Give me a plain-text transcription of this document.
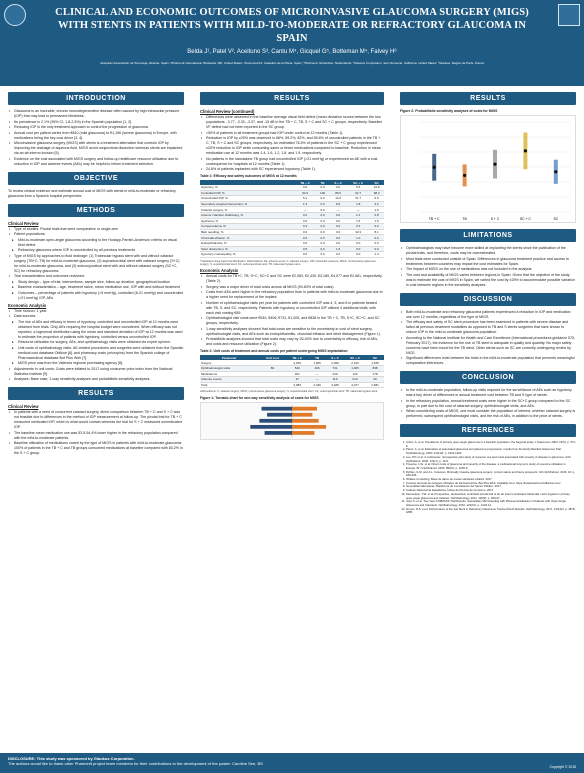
CLINICAL AND ECONOMIC OUTCOMES OF MICROINVASIVE GLAUCOMA SURGERY (MIGS) WITH STENTS IN PATIENTS WITH MILD-TO-MODERATE OR REFRACTORY GLAUCOMA IN SPAIN
Belda J¹, Patel V², Aceituno S³, Cantu M⁴, Gicquel G⁵, Botteman M⁴, Falvey H⁶
¹Hospital Universitario de Torrevieja, Alicante, Spain; ²Pharmerit International, Bethesda, MD, United States; ³Outcomes'10, Castellón de la Plana, Spain; ⁴Pharmerit, Rotterdam, Netherlands; ⁵Glaukos Corporation, San Clemente, California, United States; ⁶Glaukos, Région de Paris, France
INTRODUCTION
• Glaucoma is an incurable, chronic neurodegenerative disease often caused by high intraocular pressure (IOP) that may lead to permanent blindness.
• Its prevalence is 2.1% (95% CI, 1.8-2.5%) in the Spanish population [1, 2].
• Reducing IOP is the only treatment approach to control the progression of glaucoma.
• Annual cost per patient varies from €810 (mild glaucoma) to €1,196 (severe glaucoma) in Europe, with medications being the key cost driver [3, 4].
• Microinvasive glaucoma surgery (MIGS) with stents is a treatment alternative that controls IOP by improving the drainage of aqueous fluid. MIGS avoid conjunctival dissection whereas stents are implanted via an ab interno incision [5].
• Evidence on the cost associated with MIGS surgery and follow-up healthcare resource utilization due to reduction in IOP and adverse events (AEs) may be helpful to inform treatment selection.
OBJECTIVE
To review clinical evidence and estimate annual cost of MIGS with stents in mild-to-moderate or refractory glaucoma from a Spanish hospital perspective.
METHODS
Clinical Review
• Type of studies: Pivotal trials that were comparative or single-arm
• Patient populations:
▸ Mild-to-moderate open-angle glaucoma according to the Hodapp-Parrish-Anderson criteria on visual field defect
▸ Refractory glaucoma where IOP is uncontrolled by all previous treatments
• Type of MIGS by approaches to fluid drainage: (1) Trabecular bypass stent with and without cataract surgery (TB+C, TB) for mild-to-moderate glaucoma, (2) suprachoroidal stent with cataract surgery (S+C) for mild-to-moderate glaucoma, and (3) subconjunctival stent with and without cataract surgery (SC+C, SC) for refractory glaucoma.
• Trial characteristics and outcomes reviewed:
▸ Study design – type of trial, interventions, sample size, follow-up duration, geographical location
▸ Baseline characteristics – age, treatment naïve, mean medication use, IOP with and without treatment
▸ Outcomes – percentage of patients with hypotony (<5 mmHg), controlled (6-21 mmHg) and uncontrolled (>21 mmHg) IOP, AEs
Economic Analysis
• Time horizon: 1 year
• Data sources:
▸ The risk of AEs and efficacy in terms of hypotony, controlled and uncontrolled IOP at 12 months were obtained from trials. Only AEs requiring the hospital budget were considered. When efficacy was not reported, a lognormal distribution using the mean and standard deviation of IOP at 12 months was used to estimate the proportion of patients with hypotony, controlled versus uncontrolled IOP.
▸ Resource utilization for surgery, AEs, and ophthalmology visits were obtained via expert opinion.
▸ Unit costs of ophthalmology visits, AE-related procedures and surgeries were obtained from the Spanish medical cost database Oblikue [6], and pharmacy costs (micropins) from the Spanish college of Pharmaceutical database Bot Plus Web [7].
▸ MIGS price was from the Valencia regional purchasing agency [8].
• Adjustments in unit costs: Costs were inflated to 2017 using consumer price index from the National Statistics Institute [9].
• Analyses: Base case, 1-way sensitivity analyses and probabilistic sensitivity analyses.
RESULTS
Clinical Review
• In patients with a need of concurrent cataract surgery, direct comparison between TB + C and S + C was not feasible due to differences in the method of IOP measurement at follow-up. The pivotal trial for TB + C measured medicated IOP, which is what would contain whereas the trial for S + C measured unmedicated IOP.
• The baseline mean medication use was 53.5-94.4% lower higher in the refractory population compared with the mild-to-moderate patients.
• Baseline utilization of medications varied by the type of MIGS in patients with mild-to-moderate glaucoma: 100% of patients in the TB + C and TB groups consumed medications at baseline compared with 83.2% in the S + C group.
RESULTS
Clinical Review (continued)
• Differences were observed in the baseline average visual field defect (mean deviation scores between the two populations: -3.77, -3.30, -3.37, and -15 dB in the TB + C, TB, S + C and SC + C groups, respectively. Baseline VF defect had not been reported in the SC group.
• >50% of patients in all treatment groups had IOP under control at 12 months (Table 1).
• Reduction in IOP by ≥20% was observed in 66%, 59.2%, 82%, and 55.6% of uncontrolled patients in the TB + C, TB, S + C and SC groups, respectively. An estimated 76.5% of patients in the SC + C group experienced ≥20% reduction in IOP while consuming same or fewer medications compared to baseline. Reduction in mean medication use at 12 months was 1.4, 1.6, 1.2, 1.8, and 1.9, respectively.
• No patients in the standalone TB group had uncontrolled IOP (>21 mmHg) or experienced an AE with a cost consequence for hospitals at 12 months (Table 1).
• 24.8% of patients implanted with SC experienced hypotony (Table 1).
Table 1: Efficacy and safety outcomes of MIGS at 12 months
		TB + C	TB	S + C	SC + C	SC
Hypotony, %		0.0	0.0	0.0	5.6	24.8
Controlled IOP, %		94.9	100	86.0	62.7	68.3
Uncontrolled IOP, %		5.1	0.0	14.0	31.7	6.9
Secondary surgical intervention, %		1.3	0.0	8.0	1.8	3.2
Cataract surgery, %		—	0.0	—	—	1.5
Anterior chamber shallowing, %		0.0	0.0	0.0	2.1	0.8
Hyphema, %		0.0	0.0	0.0	1.5	1.9
Corneal edema, %		0.3	0.0	0.0	0.3	0.0
Bleb needling, %		0.0	0.0	0.0	32.3	8.1
Choroidal effusion, %		0.0	0.0	0.0	1.0	0.6
Endophthalmitis, %		0.0	0.0	0.0	0.0	0.0
Stent obstruction, %		0.5	0.0	1.6	0.0	0.0
Hypotony maculopathy, %		0.0	0.0	0.0	0.0	1.4
*Calculated using lognormal distribution. Abbreviations: AE, adverse event; C, cataract surgery; IOP, intraocular pressure; MIGS, microinvasive glaucoma surgery; S, suprachoroidal stent; SC, subconjunctival stent; TB, trabecular bypass stent.
Economic Analysis
• Annual costs for TB+C, TB, S+C, SC+C and SC were €2,983, €2,439, €3,189, €4,077 and €2,681, respectively (Table 2).
• Surgery was a major driver of total costs across all MIGS (59-83% of total costs).
• Costs from AEs were higher in the refractory population than in patients with mild-to-moderate glaucoma due to a higher need for replacement of the implant.
• Number of ophthalmologist visits per year for patients with controlled IOP was 4, 5, and 6 in patients treated with TB, S, and SC, respectively. Patients with hypotony or uncontrolled IOP utilized 4 additional visits, with each visit costing €89.
• Ophthalmologist visit costs were €540, €406, €731, €1,005, and €838 in the TB + C, TB, S+C, SC+C, and SC groups, respectively.
• 1-way sensitivity analyses showed that total costs are sensitive to the uncertainty in cost of stent surgery, ophthalmologist visits, and AEs such as endophthalmitis, choroidal effusion and stent dislodgement (Figure 1).
• Probabilistic analyses showed that total costs may vary by 25-40% due to uncertainty in efficacy, risk of AEs, and costs and resource utilization (Figure 2).
Table 2: Unit costs of treatment and annual costs per patient undergoing MIGS implantation
Parameter	Unit cost	TB + C	TB	S + C	SC + C	SC
Surgery		2,045	1,665	2,099	2,340	1,645
Ophthalmologist visits	89	540	406	731	1,005	838
Medications		361	—	240	119	178
Adverse events		37	—	119	613	20
Total		2,983	2,439	3,189	4,077	2,681
Abbreviations: C, cataract surgery; MIGS, microinvasive glaucoma surgery; S, suprachoroidal stent; SC, subconjunctival stent; TB, trabecular bypass stent.
Figure 1: Tornado chart for one-way sensitivity analysis of costs for MIGS
RESULTS
Figure 2: Probabilistic sensitivity analyses of costs for MIGS
TB + C	TB	S + C	SC + C	SC
LIMITATIONS
• Ophthalmologists may have become more skilled at implanting the stents since the publication of the pivotal trials, and therefore, costs may be overestimated.
• Most trials were conducted outside of Spain. Differences in glaucoma treatment practice and access to treatments between countries may impact the cost estimates for Spain.
• The impact of MIGS on the use of medications was not included in the analysis.
• The cost and availability of MIGS varies between regions in Spain. Given that the objective of the study was to estimate the cost of MIGS in Spain, we varied the cost by ±25% to accommodate possible variation in cost between regions in the sensitivity analyses.
DISCUSSION
• Both mild-to-moderate and refractory glaucoma patients experienced a reduction in IOP and medication use over 12 months, regardless of the type of MIGS.
• The efficacy and safety of SC stent procedure has been examined in patients with severe disease and failed all previous treatment modalities as opposed to TB and S stents surgeries that have shown to reduce IOP in the mild-to-moderate glaucoma population.
• According to the National Institute for Health and Care Excellence (International procedures guidance 575, February 2017), the evidence for the use of TB stent is adequate in quality and quantity. No major safety concerns have been found for the TB stent. Other stents such as SC are currently undergoing review by NICE.
• Significant differences exist between the trials in the mild-to-moderate population that prevents meaningful comparative inferences.
CONCLUSION
• In the mild-to-moderate population, follow-up visits required for the surveillance of AEs such as hypotony was a key driver of differences in annual treatment cost between TB and S type of stents.
• In the refractory population, annual treatment costs were higher in the SC+C group compared to the SC group, in part due to the cost of cataract surgery, ophthalmologist visits, and AEs.
• When considering costs of MIGS, one must consider the population of interest, whether cataract surgery is performed, subsequent ophthalmologist visits, and the risk of AEs, in addition to the price of stents.
REFERENCES
1. Antón, A. et al. Prevalence of primary open-angle glaucoma in a Spanish population: the Segovia study. J Glaucoma, 2004. 13(5): p. 371-6.
2. Pérez, A. et al. Estimation of associated glaucoma and glaucoma progression: results from the Early Manifest Glaucoma Trial. Ophthalmology, 2003. 110(10): p. 1923-1932.
3. Lee, P.P. et al. A multicenter, retrospective pilot study of resource use and costs associated with severity of disease in glaucoma. Arch Ophthalmol, 2006. 124(1): p. 12-9.
4. Traverso, C.E. et al. Direct costs of glaucoma and severity of the disease: a multinational long term study of resource utilisation in Europe. Br J Ophthalmol, 2005. 89(10): p. 1245-9.
5. Richter, G.M. and A.L. Coleman, Minimally invasive glaucoma surgery: current status and future prospects. Clin Ophthalmol, 2016. 10: p. 189-206.
6. Oblikue Consulting, Base de datos de costes sanitarios eSalud. 2017.
7. Consejo General de Colegios Oficiales de Farmacéuticos. Bot Plus Web. Available from: https://botplusweb.portalfarma.com/.
8. Generalitat Valenciana. Plataforma de Contratación del Sector Público. 2017.
9. Instituto Nacional de Estadística. Índice de Precios de Consumo. 2017.
10. Samuelson, T.W. et al. Prospective, randomized, controlled pivotal trial of an ab interno implanted trabecular micro-bypass in primary open-angle glaucoma and cataract. Ophthalmology, 2011. 118(3): p. 459-67.
11. Vold, S. et al. Two-Year COMPASS Trial Results: Supraciliary Microstenting with Phacoemulsification in Patients with Open-Angle Glaucoma and Cataracts. Ophthalmology, 2016. 123(10): p. 2103-12.
12. Grover, D.S. et al. Performance of the Gel Stent in Refractory Glaucoma: Twelve-Month Results. Ophthalmology, 2017. 124(12): p. 1878-1885.
DISCLOSURE: This study was sponsored by Glaukos Corporation.
The authors would like to thank other Pharmerit project team members for their contributions to the development of the poster: Caroline See, BS
Copyright © 2018
